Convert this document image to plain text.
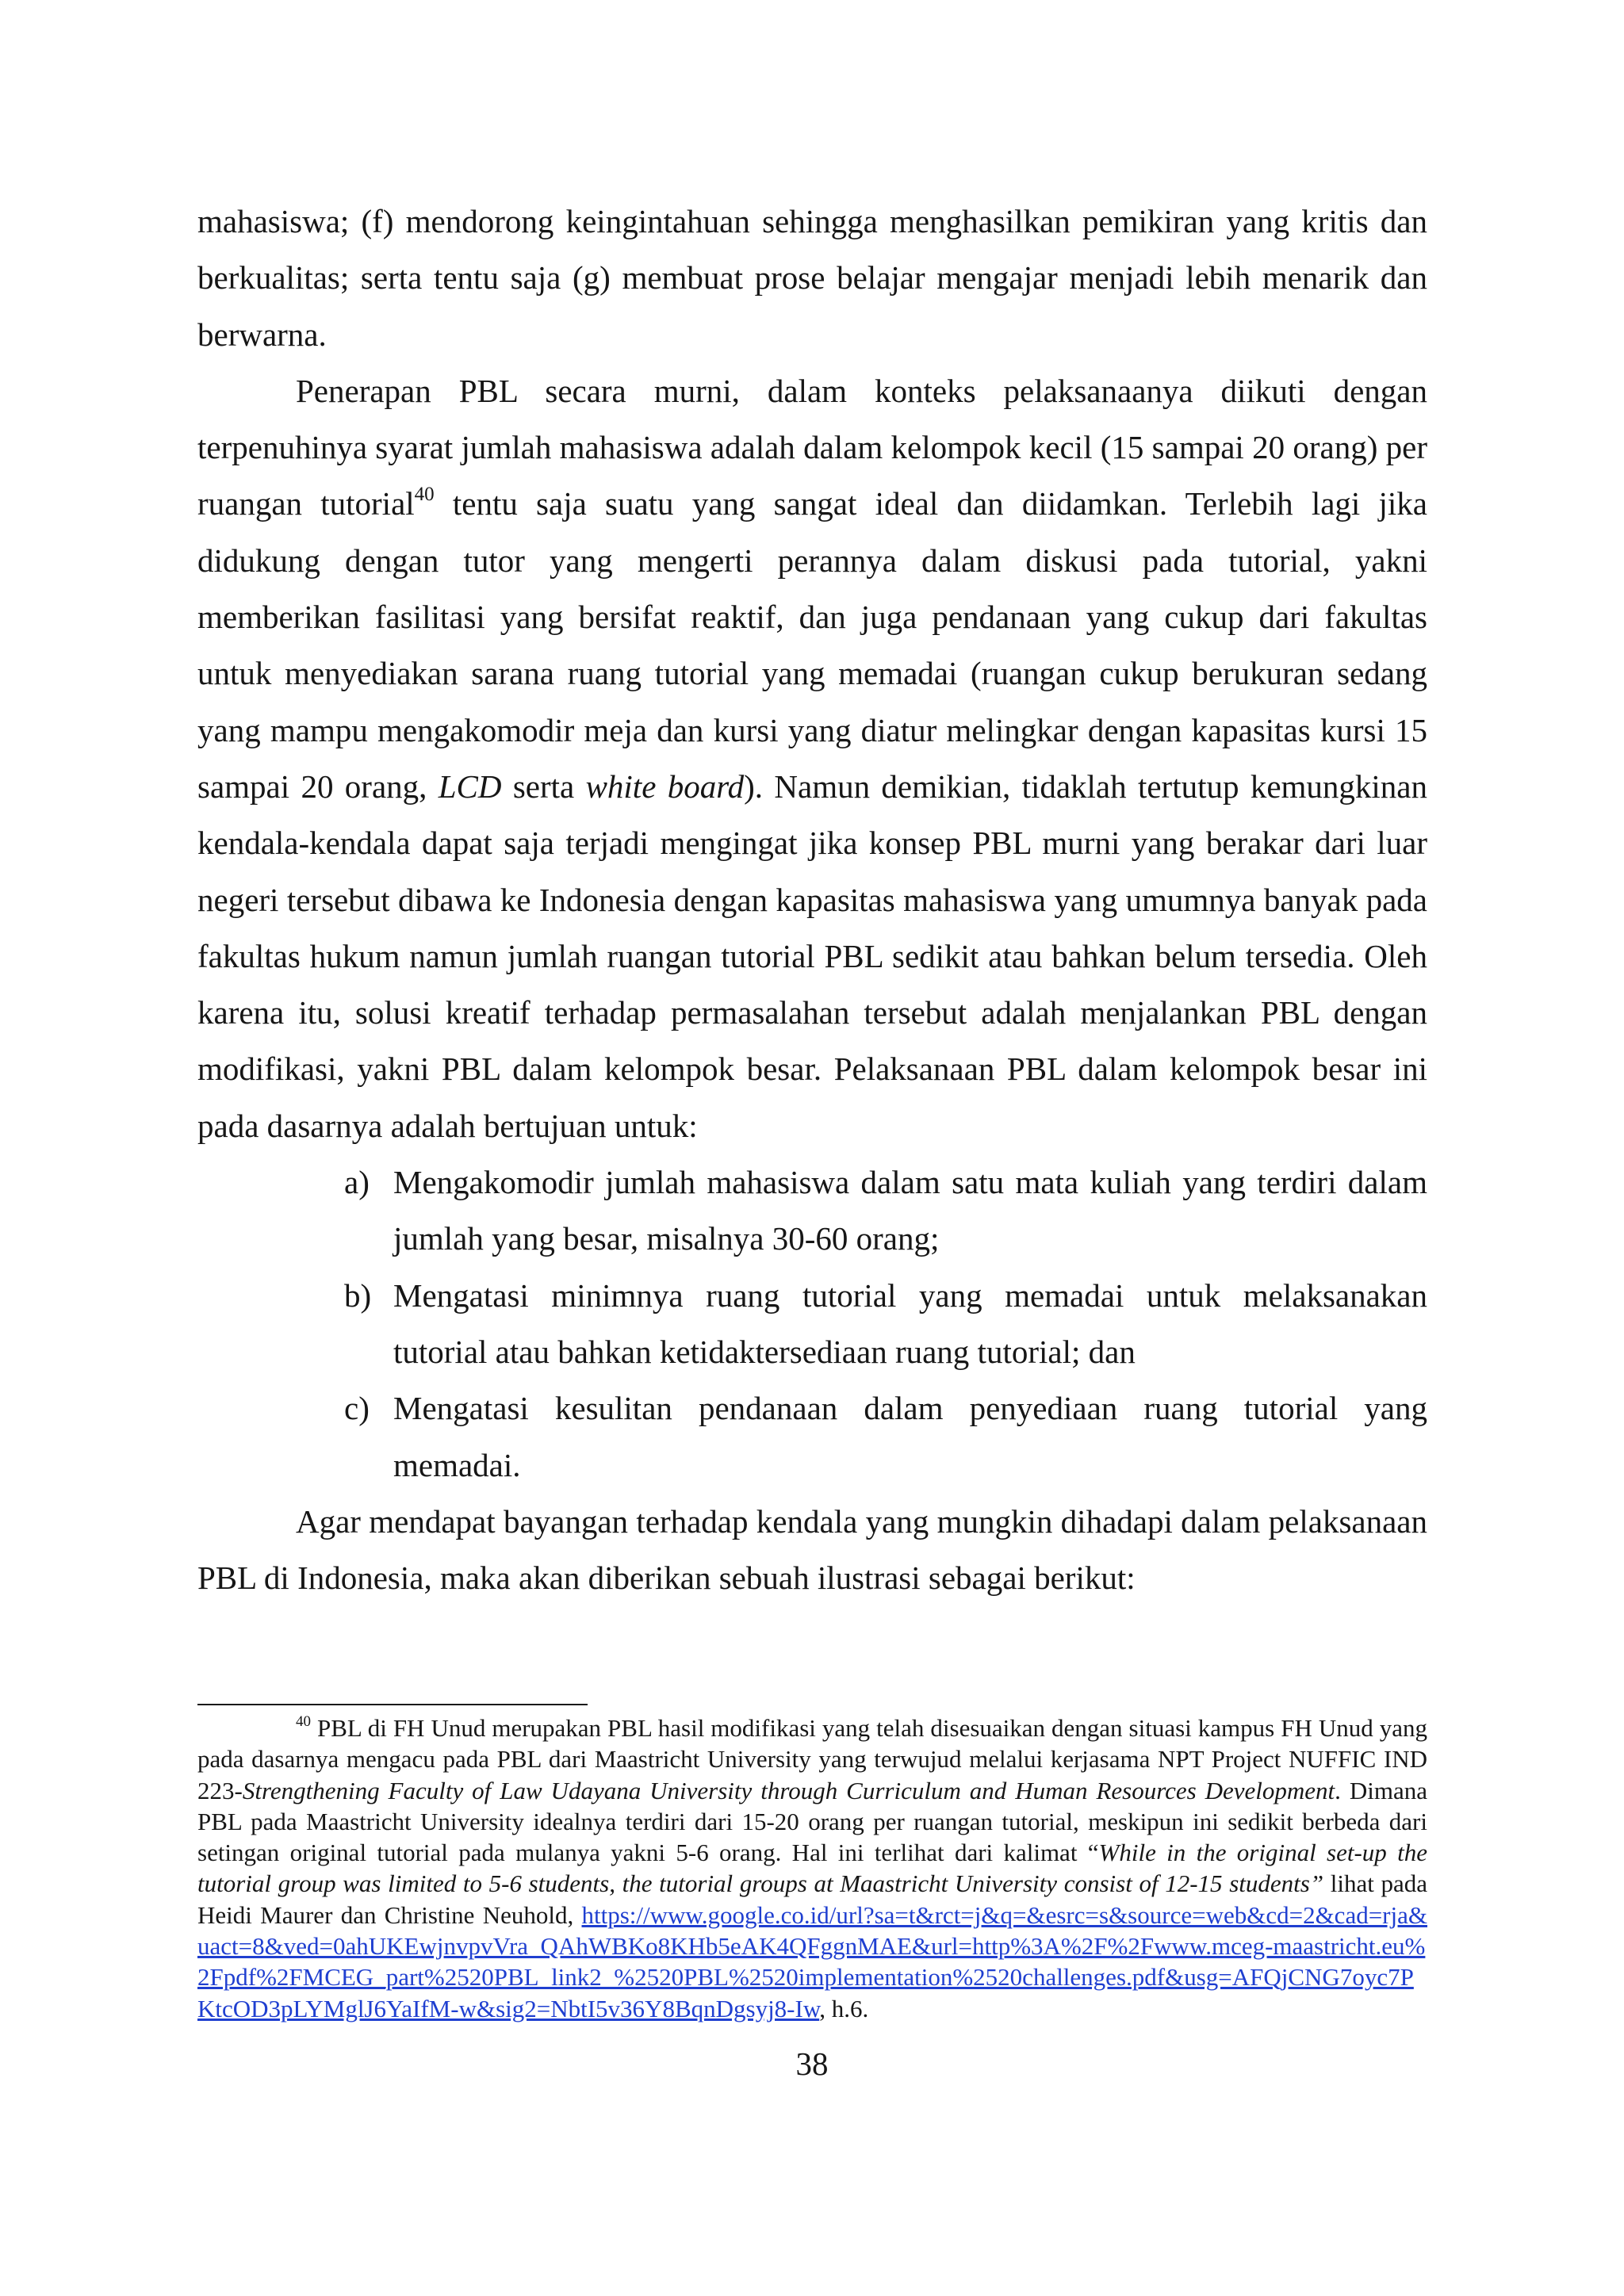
mahasiswa; (f) mendorong keingintahuan sehingga menghasilkan pemikiran yang kritis dan berkualitas; serta tentu saja (g) membuat prose belajar mengajar menjadi lebih menarik dan berwarna.

Penerapan PBL secara murni, dalam konteks pelaksanaanya diikuti dengan terpenuhinya syarat jumlah mahasiswa adalah dalam kelompok kecil (15 sampai 20 orang) per ruangan tutorial$^{40}$ tentu saja suatu yang sangat ideal dan diidamkan. Terlebih lagi jika didukung dengan tutor yang mengerti perannya dalam diskusi pada tutorial, yakni memberikan fasilitasi yang bersifat reaktif, dan juga pendanaan yang cukup dari fakultas untuk menyediakan sarana ruang tutorial yang memadai (ruangan cukup berukuran sedang yang mampu mengakomodir meja dan kursi yang diatur melingkar dengan kapasitas kursi 15 sampai 20 orang, LCD serta white board). Namun demikian, tidaklah tertutup kemungkinan kendala-kendala dapat saja terjadi mengingat jika konsep PBL murni yang berakar dari luar negeri tersebut dibawa ke Indonesia dengan kapasitas mahasiswa yang umumnya banyak pada fakultas hukum namun jumlah ruangan tutorial PBL sedikit atau bahkan belum tersedia. Oleh karena itu, solusi kreatif terhadap permasalahan tersebut adalah menjalankan PBL dengan modifikasi, yakni PBL dalam kelompok besar. Pelaksanaan PBL dalam kelompok besar ini pada dasarnya adalah bertujuan untuk:

a) Mengakomodir jumlah mahasiswa dalam satu mata kuliah yang terdiri dalam jumlah yang besar, misalnya 30-60 orang;
b) Mengatasi minimnya ruang tutorial yang memadai untuk melaksanakan tutorial atau bahkan ketidaktersediaan ruang tutorial; dan
c) Mengatasi kesulitan pendanaan dalam penyediaan ruang tutorial yang memadai.

Agar mendapat bayangan terhadap kendala yang mungkin dihadapi dalam pelaksanaan PBL di Indonesia, maka akan diberikan sebuah ilustrasi sebagai berikut:

$^{40}$ PBL di FH Unud merupakan PBL hasil modifikasi yang telah disesuaikan dengan situasi kampus FH Unud yang pada dasarnya mengacu pada PBL dari Maastricht University yang terwujud melalui kerjasama NPT Project NUFFIC IND 223-Strengthening Faculty of Law Udayana University through Curriculum and Human Resources Development. Dimana PBL pada Maastricht University idealnya terdiri dari 15-20 orang per ruangan tutorial, meskipun ini sedikit berbeda dari setingan original tutorial pada mulanya yakni 5-6 orang. Hal ini terlihat dari kalimat “While in the original set-up the tutorial group was limited to 5-6 students, the tutorial groups at Maastricht University consist of 12-15 students” lihat pada Heidi Maurer dan Christine Neuhold, https://www.google.co.id/url?sa=t&rct=j&q=&esrc=s&source=web&cd=2&cad=rja&uact=8&ved=0ahUKEwjnvpvVra_QAhWBKo8KHb5eAK4QFggnMAE&url=http%3A%2F%2Fwww.mceg-maastricht.eu%2Fpdf%2FMCEG_part%2520PBL_link2_%2520PBL%2520implementation%2520challenges.pdf&usg=AFQjCNG7oyc7PKtcOD3pLYMglJ6YaIfM-w&sig2=NbtI5v36Y8BqnDgsyj8-Iw, h.6.

38
